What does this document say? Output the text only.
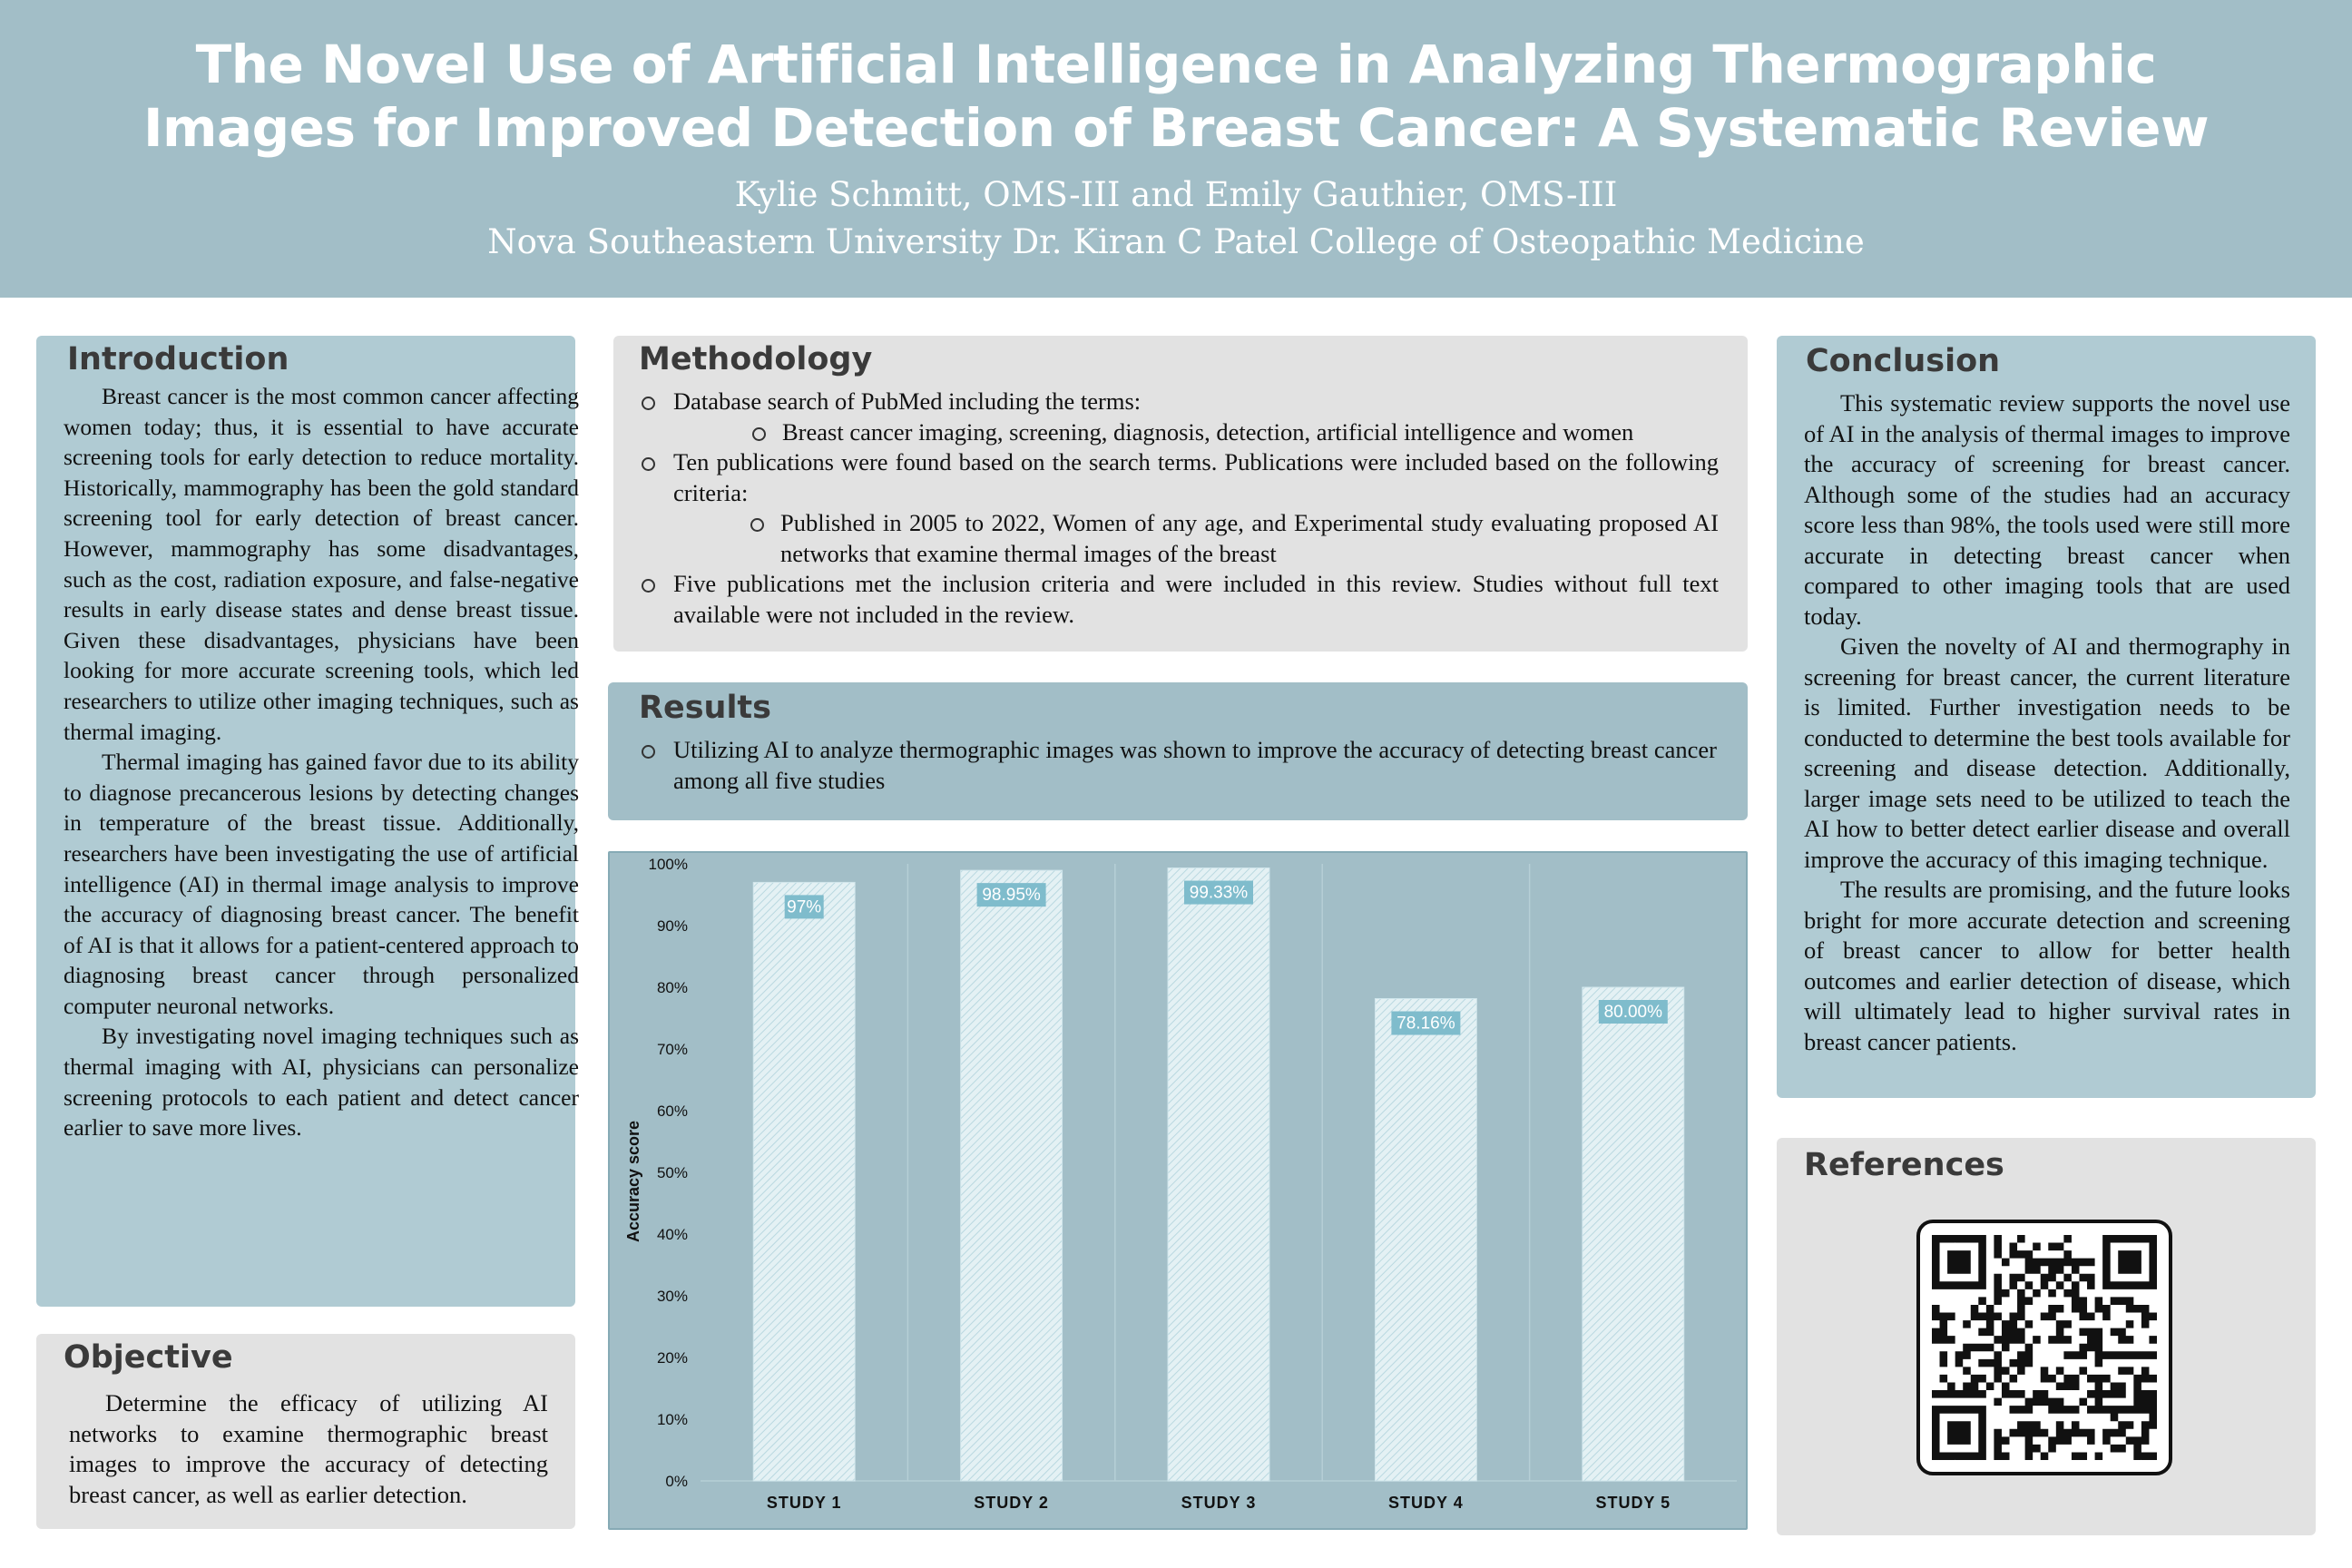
The Novel Use of Artificial Intelligence in Analyzing Thermographic
Images for Improved Detection of Breast Cancer: A Systematic Review
Kylie Schmitt, OMS-III and Emily Gauthier, OMS-III
Nova Southeastern University Dr. Kiran C Patel College of Osteopathic Medicine
Introduction

Breast cancer is the most common cancer affecting women today; thus, it is essential to have accurate screening tools for early detection to reduce mortality. Historically, mammography has been the gold standard screening tool for early detection of breast cancer. However, mammography has some disadvantages, such as the cost, radiation exposure, and false-negative results in early disease states and dense breast tissue. Given these disadvantages, physicians have been looking for more accurate screening tools, which led researchers to utilize other imaging techniques, such as thermal imaging.

Thermal imaging has gained favor due to its ability to diagnose precancerous lesions by detecting changes in temperature of the breast tissue. Additionally, researchers have been investigating the use of artificial intelligence (AI) in thermal image analysis to improve the accuracy of diagnosing breast cancer. The benefit of AI is that it allows for a patient-centered approach to diagnosing breast cancer through personalized computer neuronal networks.

By investigating novel imaging techniques such as thermal imaging with AI, physicians can personalize screening protocols to each patient and detect cancer earlier to save more lives.

Objective

Determine the efficacy of utilizing AI networks to examine thermographic breast images to improve the accuracy of detecting breast cancer, as well as earlier detection.

Methodology
Database search of PubMed including the terms:
Breast cancer imaging, screening, diagnosis, detection, artificial intelligence and women
Ten publications were found based on the search terms. Publications were included based on the following criteria:
Published in 2005 to 2022, Women of any age, and Experimental study evaluating proposed AI networks that examine thermal images of the breast
Five publications met the inclusion criteria and were included in this review. Studies without full text available were not included in the review.
Results
Utilizing AI to analyze thermographic images was shown to improve the accuracy of detecting breast cancer among all five studies
97%
98.95%	99.33%
78.16%
80.00%
0%
10%
20%
30%
40%
50%
60%
70%
80%
90%
100%
Accuracy score
STUDY 1	STUDY 2	STUDY 3	STUDY 4	STUDY 5
Conclusion

This systematic review supports the novel use of AI in the analysis of thermal images to improve the accuracy of screening for breast cancer. Although some of the studies had an accuracy score less than 98%, the tools used were still more accurate in detecting breast cancer when compared to other imaging tools that are used today.

Given the novelty of AI and thermography in screening for breast cancer, the current literature is limited. Further investigation needs to be conducted to determine the best tools available for screening and disease detection. Additionally, larger image sets need to be utilized to teach the AI how to better detect earlier disease and overall improve the accuracy of this imaging technique.

The results are promising, and the future looks bright for more accurate detection and screening of breast cancer to allow for better health outcomes and earlier detection of disease, which will ultimately lead to higher survival rates in breast cancer patients.

References
